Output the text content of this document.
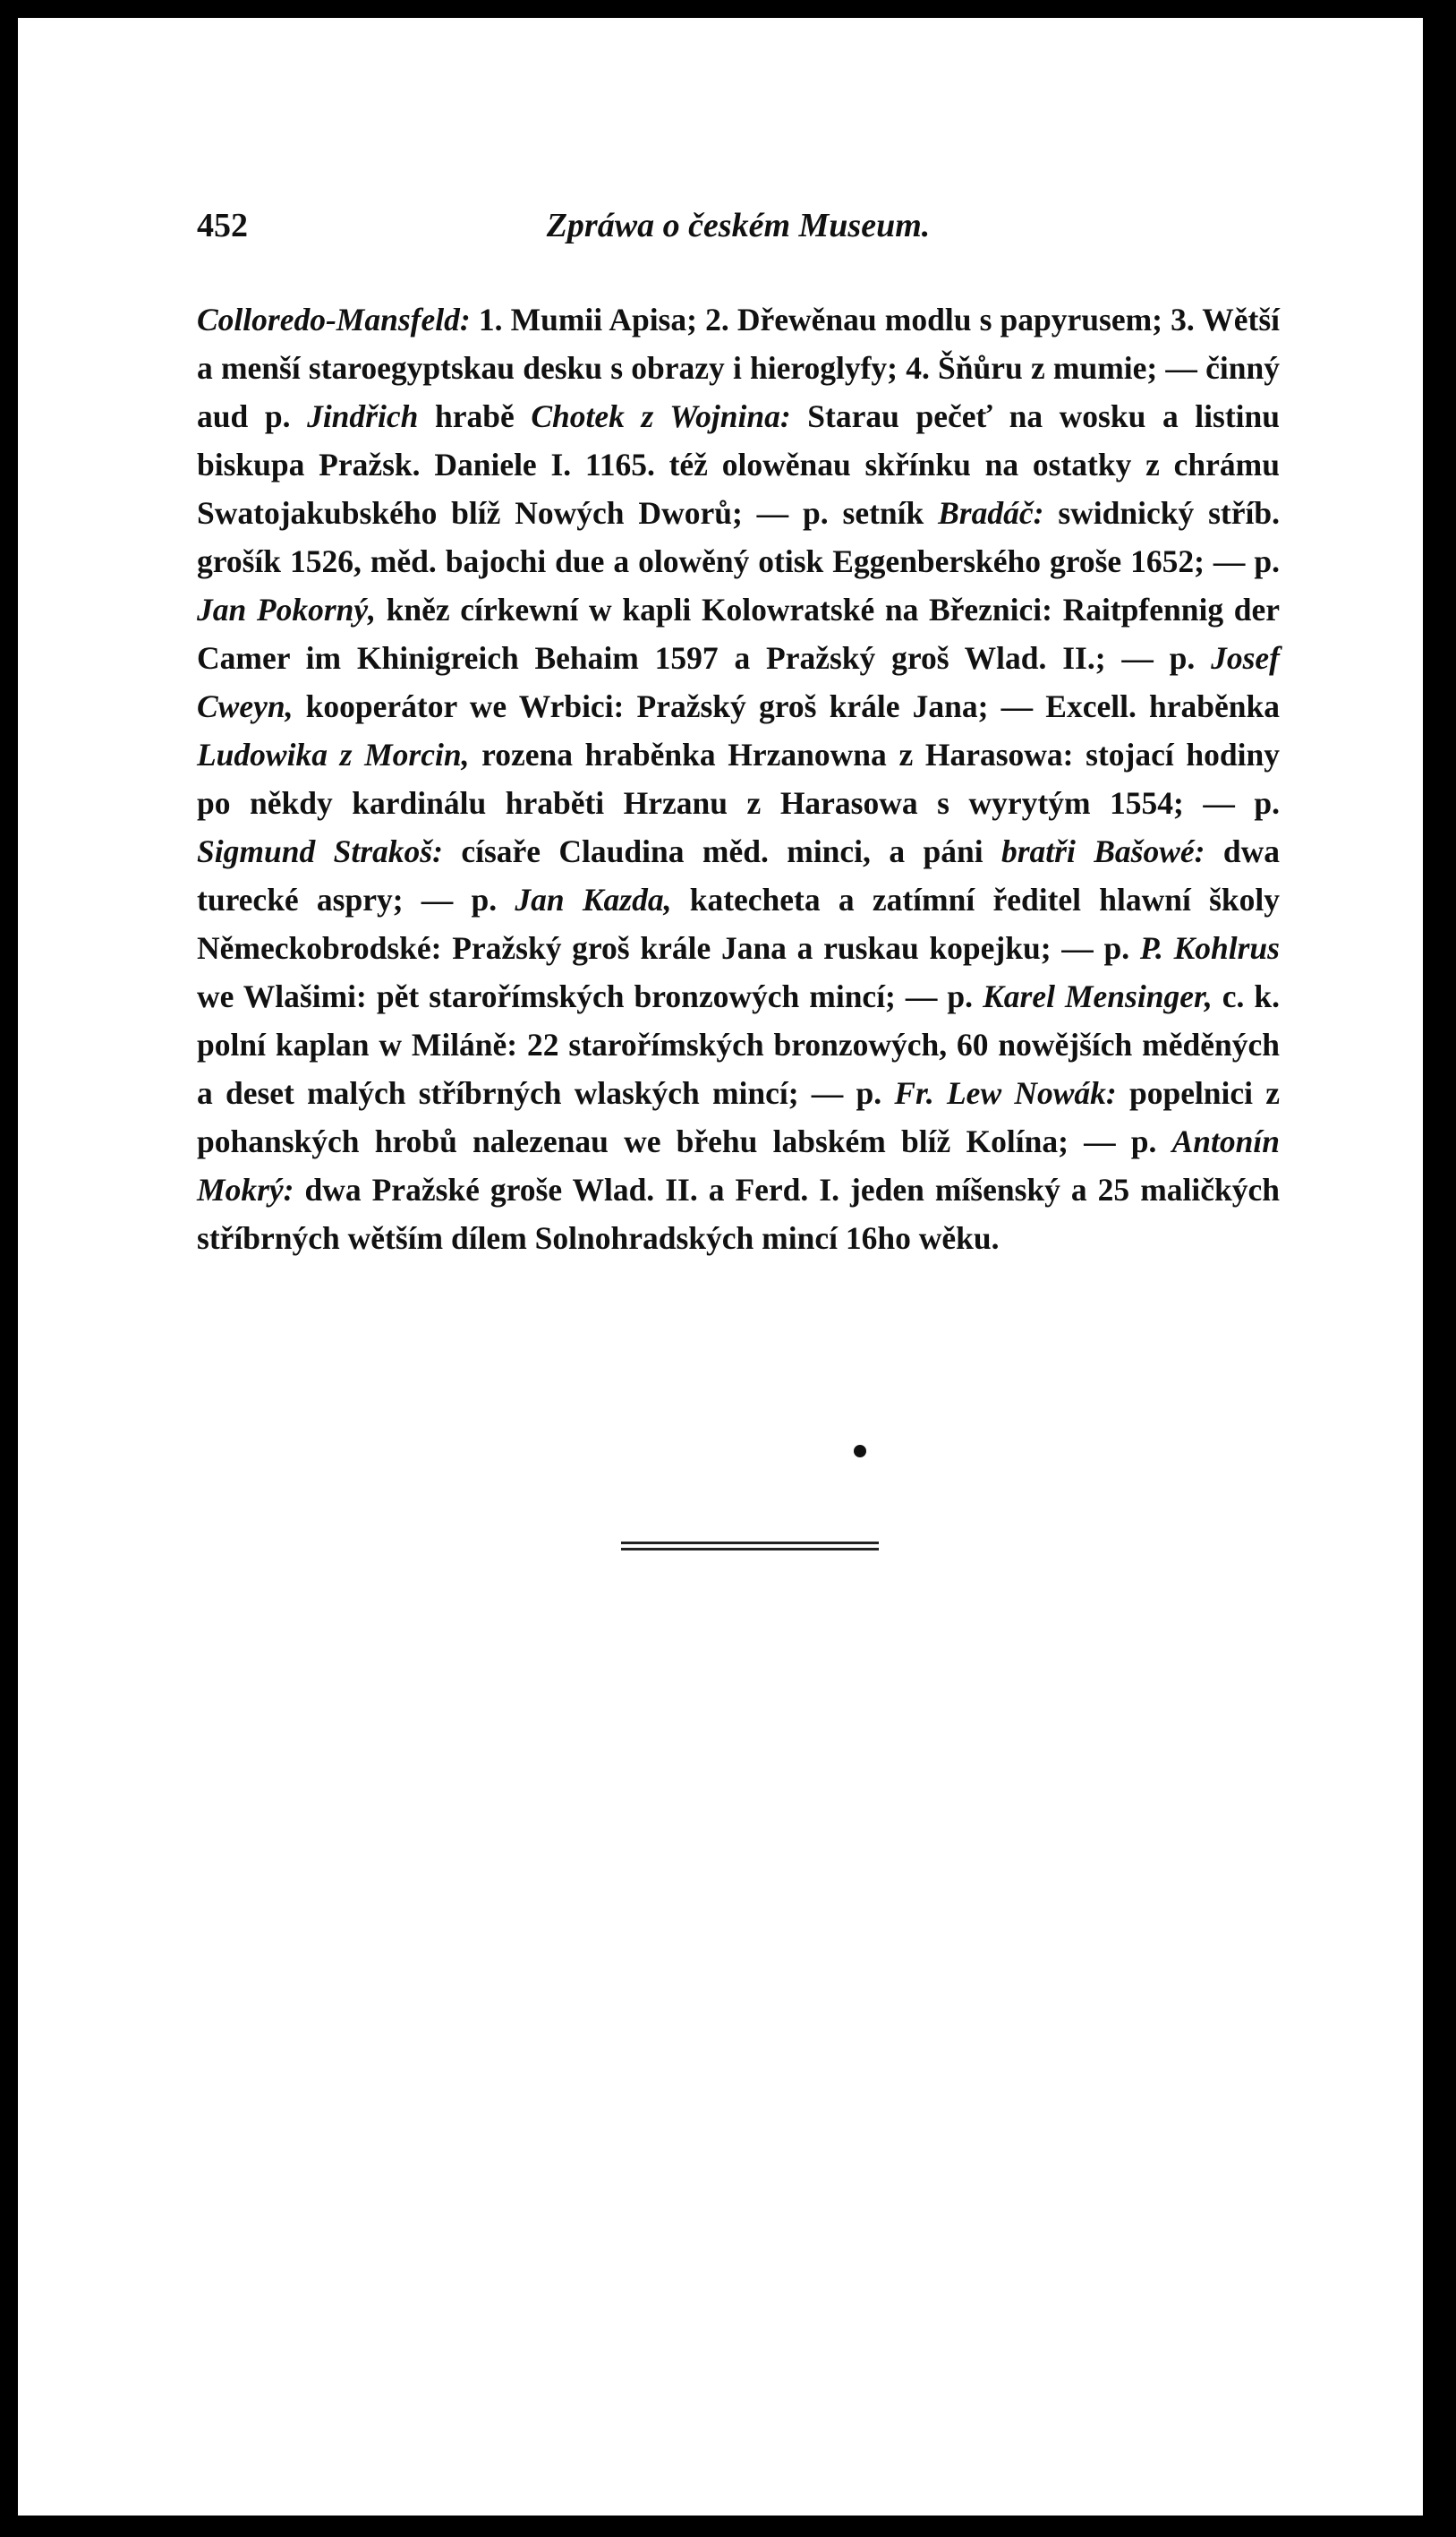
452	Zpráwa o českém Museum.

Colloredo-Mansfeld: 1. Mumii Apisa; 2. Dřewěnau modlu s papyrusem; 3. Wětší a menší staroegyptskau desku s obrazy i hieroglyfy; 4. Šňůru z mumie; — činný aud p. Jindřich hrabě Chotek z Wojnina: Starau pečeť na wosku a listinu biskupa Pražsk. Daniele I. 1165. též olowěnau skřínku na ostatky z chrámu Swatojakubského blíž Nowých Dworů; — p. setník Bradáč: swidnický stříb. grošík 1526, měd. bajochi due a olowěný otisk Eggenberského groše 1652; — p. Jan Pokorný, kněz církewní w kapli Kolowratské na Březnici: Raitpfennig der Camer im Khinigreich Behaim 1597 a Pražský groš Wlad. II.; — p. Josef Cweyn, kooperátor we Wrbici: Pražský groš krále Jana; — Excell. hraběnka Ludowika z Morcin, rozena hraběnka Hrzanowna z Harasowa: stojací hodiny po někdy kardinálu hraběti Hrzanu z Harasowa s wyrytým 1554; — p. Sigmund Strakoš: císaře Claudina měd. minci, a páni bratři Bašowé: dwa turecké aspry; — p. Jan Kazda, katecheta a zatímní ředitel hlawní školy Německobrodské: Pražský groš krále Jana a ruskau kopejku; — p. P. Kohlrus we Wlašimi: pět starořímských bronzowých mincí; — p. Karel Mensinger, c. k. polní kaplan w Miláně: 22 starořímských bronzowých, 60 nowějších měděných a deset malých stříbrných wlaských mincí; — p. Fr. Lew Nowák: popelnici z pohanských hrobů nalezenau we břehu labském blíž Kolína; — p. Antonín Mokrý: dwa Pražské groše Wlad. II. a Ferd. I. jeden míšenský a 25 maličkých stříbrných wětším dílem Solnohradských mincí 16ho wěku.
